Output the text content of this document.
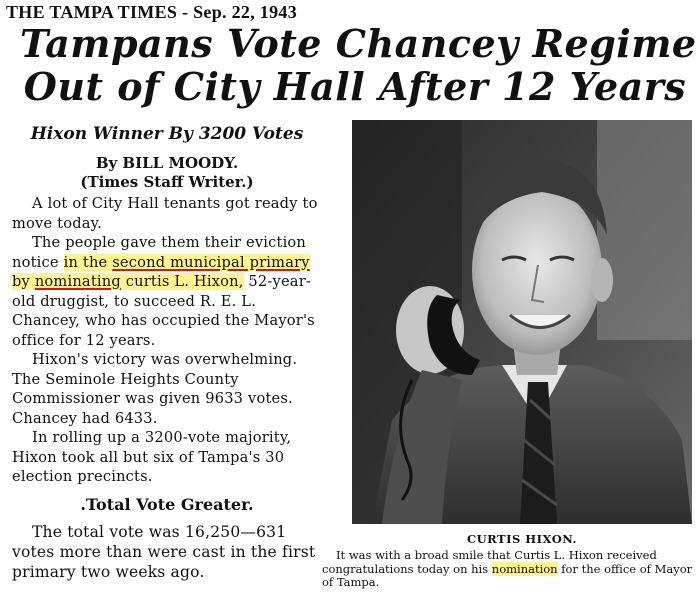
THE TAMPA TIMES - Sep. 22, 1943
Tampans Vote Chancey Regime
Out of City Hall After 12 Years
Hixon Winner By 3200 Votes
By BILL MOODY.
(Times Staff Writer.)

A lot of City Hall tenants got ready to move today.

The people gave them their eviction notice in the second municipal primary by nominating curtis L. Hixon, 52-year-old druggist, to succeed R. E. L. Chancey, who has occupied the Mayor's office for 12 years.

Hixon's victory was overwhelming. The Seminole Heights County Commissioner was given 9633 votes. Chancey had 6433.

In rolling up a 3200-vote majority, Hixon took all but six of Tampa's 30 election precincts.

.Total Vote Greater.

The total vote was 16,250—631 votes more than were cast in the first primary two weeks ago.

CURTIS HIXON.
It was with a broad smile that Curtis L. Hixon received congratulations today on his nomination for the office of Mayor of Tampa.
